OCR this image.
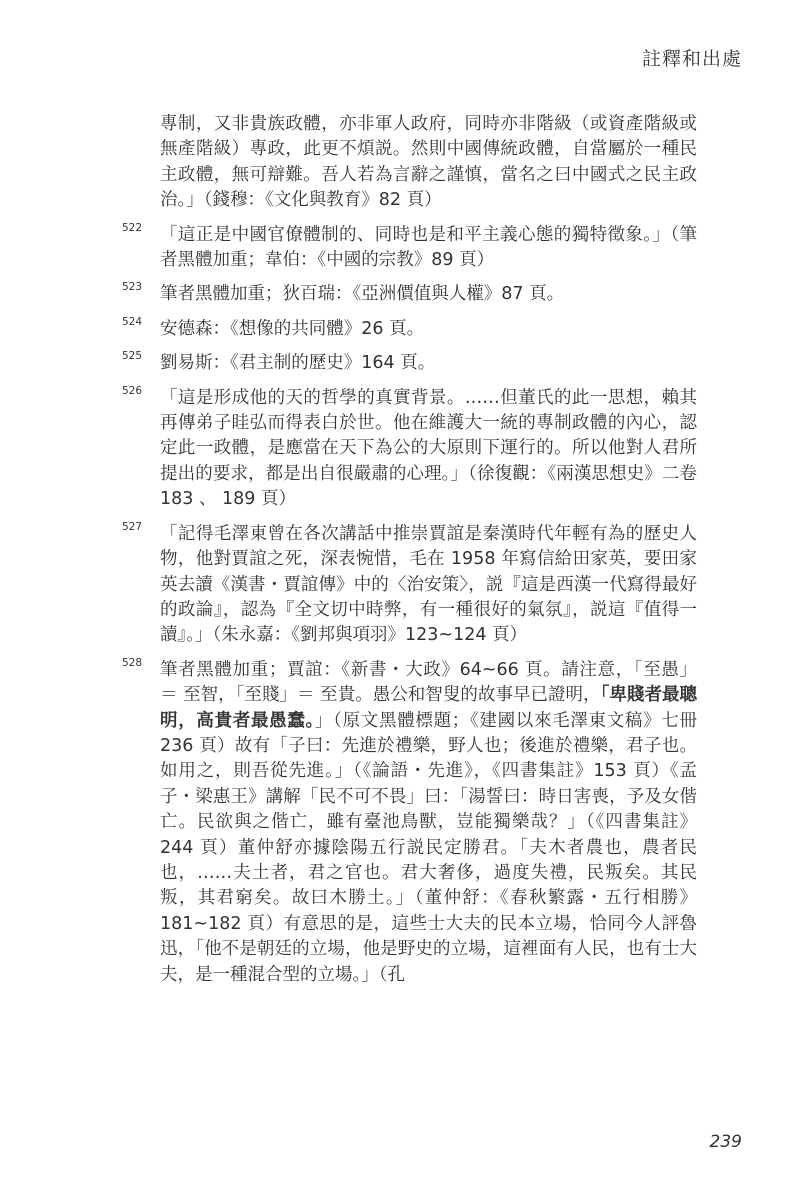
註釋和出處

專制，又非貴族政體，亦非軍人政府，同時亦非階級（或資產階級或無產階級）專政，此更不煩説。然則中國傳統政體，自當屬於一種民主政體，無可辯難。吾人若為言辭之謹慎，當名之曰中國式之民主政治。」（錢穆：《文化與教育》82 頁）

522 「這正是中國官僚體制的、同時也是和平主義心態的獨特徵象。」（筆者黑體加重；韋伯：《中國的宗教》89 頁）
523 筆者黑體加重；狄百瑞：《亞洲價值與人權》87 頁。
524 安德森：《想像的共同體》26 頁。
525 劉易斯：《君主制的歷史》164 頁。
526 「這是形成他的天的哲學的真實背景。……但董氏的此一思想，賴其再傳弟子眭弘而得表白於世。他在維護大一統的專制政體的內心，認定此一政體，是應當在天下為公的大原則下運行的。所以他對人君所提出的要求，都是出自很嚴肅的心理。」（徐復觀：《兩漢思想史》二卷 183 、 189 頁）
527 「記得毛澤東曾在各次講話中推崇賈誼是秦漢時代年輕有為的歷史人物，他對賈誼之死，深表惋惜，毛在 1958 年寫信給田家英，要田家英去讀《漢書・賈誼傳》中的〈治安策〉，説『這是西漢一代寫得最好的政論』，認為『全文切中時弊，有一種很好的氣氛』，説這『值得一讀』。」（朱永嘉：《劉邦與項羽》123~124 頁）
528 筆者黑體加重；賈誼：《新書・大政》64~66 頁。請注意，「至愚」＝ 至智，「至賤」＝ 至貴。愚公和智叟的故事早已證明，「卑賤者最聰明，高貴者最愚蠢。」（原文黑體標題；《建國以來毛澤東文稿》七冊 236 頁）故有「子曰：先進於禮樂，野人也；後進於禮樂，君子也。如用之，則吾從先進。」（《論語・先進》，《四書集註》153 頁）《孟子・梁惠王》講解「民不可不畏」曰：「湯誓曰：時日害喪，予及女偕亡。民欲與之偕亡，雖有臺池鳥獸，豈能獨樂哉？」（《四書集註》244 頁）董仲舒亦據陰陽五行説民定勝君。「夫木者農也，農者民也，……夫土者，君之官也。君大奢侈，過度失禮，民叛矣。其民叛，其君窮矣。故曰木勝土。」（董仲舒：《春秋繁露・五行相勝》181~182 頁）有意思的是，這些士大夫的民本立場，恰同今人評魯迅，「他不是朝廷的立場，他是野史的立場，這裡面有人民，也有士大夫，是一種混合型的立場。」（孔
239
